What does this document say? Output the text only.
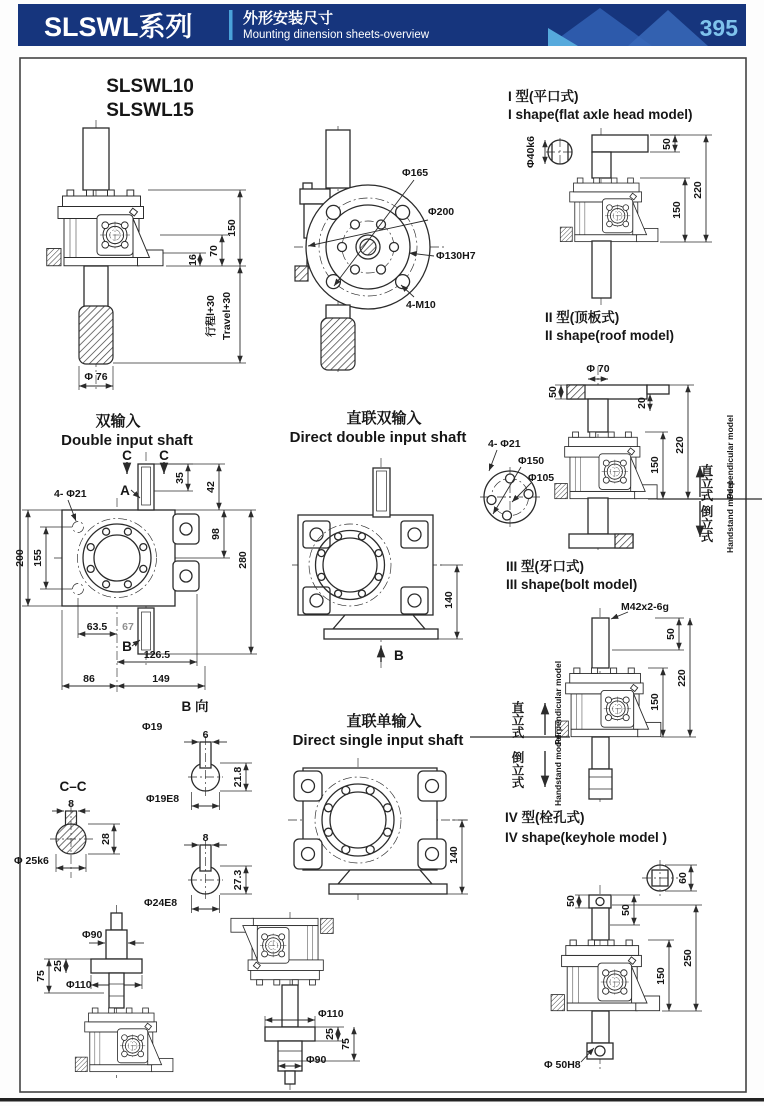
SLSWL系列	外形安装尺寸
Mounting dinension sheets-overview	395
SLSWL10
SLSWL15
150
70
16
行程l+30 Travel+30
Φ 76
Φ165
Φ200
Φ130H7
4-M10
I 型(平口式)
I shape(flat axle head model)
Φ40k6	50
150
220
II 型(顶板式)
II shape(roof model)
Φ 70
50
20
150
220
直立式 Perpendicular model
倒立式 Handstand model
4- Φ21
Φ150
Φ105
III 型(牙口式)
III shape(bolt model)
M42x2-6g
50
150
220
直立式	Perpendicular model
倒立式	Handstand model
IV 型(栓孔式)
IV shape(keyhole model )
60
50
50
Φ 50H8
150
250
双输入
Double input shaft
C C
A
B
35
42
98
280
200 155
4- Φ21
63.5 67
126.5
86	149
B 向
直联双输入
Direct double input shaft
140
B
直联单输入
Direct single input shaft
140
Φ19
6
21.8
Φ19E8
8
27.3
Φ24E8
C–C
8
28
Φ 25k6
Φ90
75
25
Φ110
Φ110
25
75
Φ90
